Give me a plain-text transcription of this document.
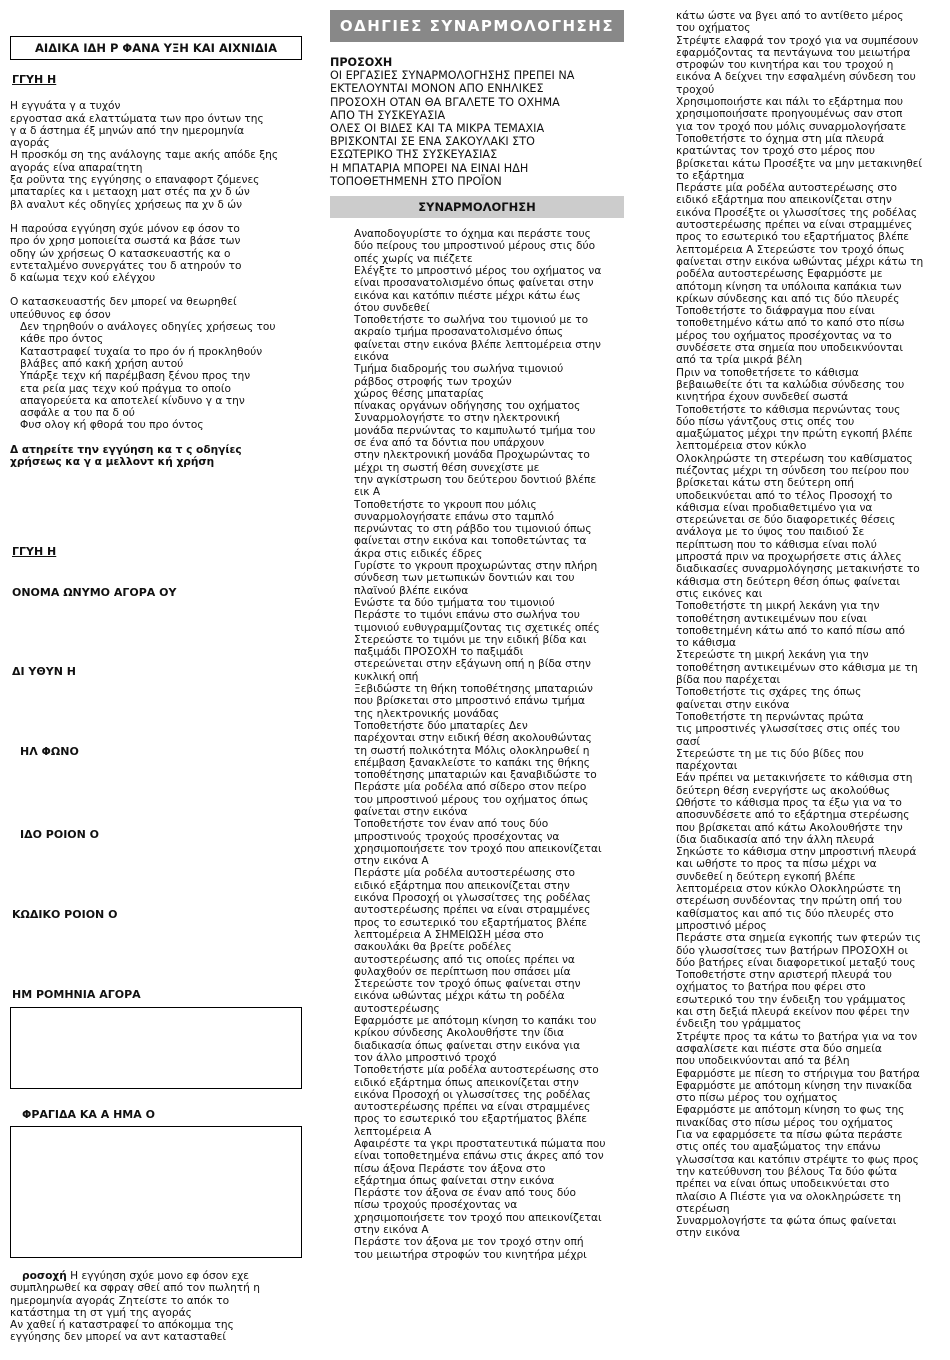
ΑΙΔΙΚΑ ΙΔΗ Ρ ΦΑΝΑ ΥΞΗ ΚΑΙ ΑΙΧΝΙΔΙΑ

ΓΓΥΗ Η

Η εγγυάτα γ α τυχόν

εργοστασ ακά ελαττώματα των προ όντων της

γ α δ άστημα έξ μηνών από την ημερομηνία

αγοράς

Η προσκόμ ση της ανάλογης ταμε ακής απόδε ξης

αγοράς είνα απαραίτητη

ξα ροϋντα της εγγύησης ο επαναφορτ ζόμενες

μπαταρίες κα ι μεταοχη ματ στές πα χν δ ών

βλ αναλυτ κές οδηγίες χρήσεως πα χν δ ών

Η παρούσα εγγύηση σχύε μόνον εφ όσον το

προ όν χρησ μοποιείτα σωστά κα βάσε των

οδηγ ών χρήσεως Ο κατασκευαστής κα ο

εντεταλμένο συνεργάτες του δ ατηρούν το

δ καίωμα τεχν κού ελέγχου

Ο κατασκευαστής δεν μπορεί να θεωρηθεί

υπεύθυνος εφ όσον

Δεν τηρηθούν ο ανάλογες οδηγίες χρήσεως του

κάθε προ όντος

Καταστραφεί τυχαία το προ όν ή προκληθούν

βλάβες από κακή χρήση αυτού

Υπάρξε τεχν κή παρέμβαση ξένου προς την

ετα ρεία μας τεχν κού πράγμα το οποίο

απαγορεύετα κα αποτελεί κίνδυνο γ α την

ασφάλε α του πα δ ού

Φυσ ολογ κή φθορά του προ όντος

Δ ατηρείτε την εγγύηση κα τ ς οδηγίες

χρήσεως κα γ α μελλοντ κή χρήση

ΓΓΥΗ Η

ΟΝΟΜΑ ΩΝΥΜΟ ΑΓΟΡΑ ΟΥ

ΔΙ ΥΘΥΝ Η

ΗΛ ΦΩΝΟ

ΙΔΟ ΡΟΙΟΝ Ο

ΚΩΔΙΚΟ ΡΟΙΟΝ Ο

ΗΜ ΡΟΜΗΝΙΑ ΑΓΟΡΑ

ΦΡΑΓΙΔΑ ΚΑ Α ΗΜΑ Ο

ροσοχή Η εγγύηση σχύε μονο εφ όσον εχε

συμπληρωθεί κα σφραγ σθεί από τον πωλητή η

ημερομηνία αγοράς Ζητείστε το απόκ το

κατάστημα τη στ γμή της αγοράς

Αν χαθεί ή καταστραφεί το απόκομμα της

εγγύησης δεν μπορεί να αντ κατασταθεί

ΟΔΗΓΙΕΣ ΣΥΝΑΡΜΟΛΟΓΗΣΗΣ

ΠΡΟΣΟΧΗ

ΟΙ ΕΡΓΑΣΙΕΣ ΣΥΝΑΡΜΟΛΟΓΗΣΗΣ ΠΡΕΠΕΙ ΝΑ

ΕΚΤΕΛΟΥΝΤΑΙ ΜΟΝΟΝ ΑΠΟ ΕΝΗΛΙΚΕΣ

ΠΡΟΣΟΧΗ ΟΤΑΝ ΘΑ ΒΓΑΛΕΤΕ ΤΟ ΟΧΗΜΑ

ΑΠΟ ΤΗ ΣΥΣΚΕΥΑΣΙΑ

ΟΛΕΣ ΟΙ ΒΙΔΕΣ ΚΑΙ ΤΑ ΜΙΚΡΑ ΤΕΜΑΧΙΑ

ΒΡΙΣΚΟΝΤΑΙ ΣΕ ΕΝΑ ΣΑΚΟΥΛΑΚΙ ΣΤΟ

ΕΣΩΤΕΡΙΚΟ ΤΗΣ ΣΥΣΚΕΥΑΣΙΑΣ

Η ΜΠΑΤΑΡΙΑ ΜΠΟΡΕΙ ΝΑ ΕΙΝΑΙ ΗΔΗ

ΤΟΠΟΘΕΤΗΜΕΝΗ ΣΤΟ ΠΡΟΪΟΝ

ΣΥΝΑΡΜΟΛΟΓΗΣΗ

Αναποδογυρίστε το όχημα και περάστε τους

δύο πείρους του μπροστινού μέρους στις δύο

οπές χωρίς να πιέζετε

Ελέγξτε το μπροστινό μέρος του οχήματος να

είναι προσανατολισμένο όπως φαίνεται στην

εικόνα και κατόπιν πιέστε μέχρι κάτω έως

ότου συνδεθεί

Τοποθετήστε το σωλήνα του τιμονιού με το

ακραίο τμήμα προσανατολισμένο όπως

φαίνεται στην εικόνα βλέπε λεπτομέρεια στην

εικόνα

Τμήμα διαδρομής του σωλήνα τιμονιού

ράβδος στροφής των τροχών

χώρος θέσης μπαταρίας

πίνακας οργάνων οδήγησης του οχήματος

Συναρμολογήστε το στην ηλεκτρονική

μονάδα περνώντας το καμπυλωτό τμήμα του

σε ένα από τα δόντια που υπάρχουν

στην ηλεκτρονική μονάδα Προχωρώντας το

μέχρι τη σωστή θέση συνεχίστε με

την αγκίστρωση του δεύτερου δοντιού βλέπε

εικ Α

Τοποθετήστε το γκρουπ που μόλις

συναρμολογήσατε επάνω στο ταμπλό

περνώντας το στη ράβδο του τιμονιού όπως

φαίνεται στην εικόνα και τοποθετώντας τα

άκρα στις ειδικές έδρες

Γυρίστε το γκρουπ προχωρώντας στην πλήρη

σύνδεση των μετωπικών δοντιών και του

πλαϊνού βλέπε εικόνα

Ενώστε τα δύο τμήματα του τιμονιού

Περάστε το τιμόνι επάνω στο σωλήνα του

τιμονιού ευθυγραμμίζοντας τις σχετικές οπές

Στερεώστε το τιμόνι με την ειδική βίδα και

παξιμάδι ΠΡΟΣΟΧΗ το παξιμάδι

στερεώνεται στην εξάγωνη οπή η βίδα στην

κυκλική οπή

Ξεβιδώστε τη θήκη τοποθέτησης μπαταριών

που βρίσκεται στο μπροστινό επάνω τμήμα

της ηλεκτρονικής μονάδας

Τοποθετήστε δύο μπαταρίες Δεν

παρέχονται στην ειδική θέση ακολουθώντας

τη σωστή πολικότητα Μόλις ολοκληρωθεί η

επέμβαση ξανακλείστε το καπάκι της θήκης

τοποθέτησης μπαταριών και ξαναβιδώστε το

Περάστε μία ροδέλα από σίδερο στον πείρο

του μπροστινού μέρους του οχήματος όπως

φαίνεται στην εικόνα

Τοποθετήστε τον έναν από τους δύο

μπροστινούς τροχούς προσέχοντας να

χρησιμοποιήσετε τον τροχό που απεικονίζεται

στην εικόνα Α

Περάστε μία ροδέλα αυτοστερέωσης στο

ειδικό εξάρτημα που απεικονίζεται στην

εικόνα Προσοχή οι γλωσσίτσες της ροδέλας

αυτοστερέωσης πρέπει να είναι στραμμένες

προς το εσωτερικό του εξαρτήματος βλέπε

λεπτομέρεια Α ΣΗΜΕΙΩΣΗ μέσα στο

σακουλάκι θα βρείτε ροδέλες

αυτοστερέωσης από τις οποίες πρέπει να

φυλαχθούν σε περίπτωση που σπάσει μία

Στερεώστε τον τροχό όπως φαίνεται στην

εικόνα ωθώντας μέχρι κάτω τη ροδέλα

αυτοστερέωσης

Εφαρμόστε με απότομη κίνηση το καπάκι του

κρίκου σύνδεσης Ακολουθήστε την ίδια

διαδικασία όπως φαίνεται στην εικόνα για

τον άλλο μπροστινό τροχό

Τοποθετήστε μία ροδέλα αυτοστερέωσης στο

ειδικό εξάρτημα όπως απεικονίζεται στην

εικόνα Προσοχή οι γλωσσίτσες της ροδέλας

αυτοστερέωσης πρέπει να είναι στραμμένες

προς το εσωτερικό του εξαρτήματος βλέπε

λεπτομέρεια Α

Αφαιρέστε τα γκρι προστατευτικά πώματα που

είναι τοποθετημένα επάνω στις άκρες από τον

πίσω άξονα Περάστε τον άξονα στο

εξάρτημα όπως φαίνεται στην εικόνα

Περάστε τον άξονα σε έναν από τους δύο

πίσω τροχούς προσέχοντας να

χρησιμοποιήσετε τον τροχό που απεικονίζεται

στην εικόνα Α

Περάστε τον άξονα με τον τροχό στην οπή

του μειωτήρα στροφών του κινητήρα μέχρι

κάτω ώστε να βγει από το αντίθετο μέρος

του οχήματος

Στρέψτε ελαφρά τον τροχό για να συμπέσουν

εφαρμόζοντας τα πεντάγωνα του μειωτήρα

στροφών του κινητήρα και του τροχού η

εικόνα Α δείχνει την εσφαλμένη σύνδεση του

τροχού

Χρησιμοποιήστε και πάλι το εξάρτημα που

χρησιμοποιήσατε προηγουμένως σαν στοπ

για τον τροχό που μόλις συναρμολογήσατε

Τοποθετήστε το όχημα στη μία πλευρά

κρατώντας τον τροχό στο μέρος που

βρίσκεται κάτω Προσέξτε να μην μετακινηθεί

το εξάρτημα

Περάστε μία ροδέλα αυτοστερέωσης στο

ειδικό εξάρτημα που απεικονίζεται στην

εικόνα Προσέξτε οι γλωσσίτσες της ροδέλας

αυτοστερέωσης πρέπει να είναι στραμμένες

προς το εσωτερικό του εξαρτήματος βλέπε

λεπτομέρεια Α Στερεώστε τον τροχό όπως

φαίνεται στην εικόνα ωθώντας μέχρι κάτω τη

ροδέλα αυτοστερέωσης Εφαρμόστε με

απότομη κίνηση τα υπόλοιπα καπάκια των

κρίκων σύνδεσης και από τις δύο πλευρές

Τοποθετήστε το διάφραγμα που είναι

τοποθετημένο κάτω από το καπό στο πίσω

μέρος του οχήματος προσέχοντας να το

συνδέσετε στα σημεία που υποδεικνύονται

από τα τρία μικρά βέλη

Πριν να τοποθετήσετε το κάθισμα

βεβαιωθείτε ότι τα καλώδια σύνδεσης του

κινητήρα έχουν συνδεθεί σωστά

Τοποθετήστε το κάθισμα περνώντας τους

δύο πίσω γάντζους στις οπές του

αμαξώματος μέχρι την πρώτη εγκοπή βλέπε

λεπτομέρεια στον κύκλο

Ολοκληρώστε τη στερέωση του καθίσματος

πιέζοντας μέχρι τη σύνδεση του πείρου που

βρίσκεται κάτω στη δεύτερη οπή

υποδεικνύεται από το τέλος Προσοχή το

κάθισμα είναι προδιαθετιμένο για να

στερεώνεται σε δύο διαφορετικές θέσεις

ανάλογα με το ύψος του παιδιού Σε

περίπτωση που το κάθισμα είναι πολύ

μπροστά πριν να προχωρήσετε στις άλλες

διαδικασίες συναρμολόγησης μετακινήστε το

κάθισμα στη δεύτερη θέση όπως φαίνεται

στις εικόνες και

Τοποθετήστε τη μικρή λεκάνη για την

τοποθέτηση αντικειμένων που είναι

τοποθετημένη κάτω από το καπό πίσω από

το κάθισμα

Στερεώστε τη μικρή λεκάνη για την

τοποθέτηση αντικειμένων στο κάθισμα με τη

βίδα που παρέχεται

Τοποθετήστε τις σχάρες της όπως

φαίνεται στην εικόνα

Τοποθετήστε τη περνώντας πρώτα

τις μπροστινές γλωσσίτσες στις οπές του

σασί

Στερεώστε τη με τις δύο βίδες που

παρέχονται

Εάν πρέπει να μετακινήσετε το κάθισμα στη

δεύτερη θέση ενεργήστε ως ακολούθως

Ωθήστε το κάθισμα προς τα έξω για να το

αποσυνδέσετε από το εξάρτημα στερέωσης

που βρίσκεται από κάτω Ακολουθήστε την

ίδια διαδικασία από την άλλη πλευρά

Σηκώστε το κάθισμα στην μπροστινή πλευρά

και ωθήστε το προς τα πίσω μέχρι να

συνδεθεί η δεύτερη εγκοπή βλέπε

λεπτομέρεια στον κύκλο Ολοκληρώστε τη

στερέωση συνδέοντας την πρώτη οπή του

καθίσματος και από τις δύο πλευρές στο

μπροστινό μέρος

Περάστε στα σημεία εγκοπής των φτερών τις

δύο γλωσσίτσες των βατήρων ΠΡΟΣΟΧΗ οι

δύο βατήρες είναι διαφορετικοί μεταξύ τους

Τοποθετήστε στην αριστερή πλευρά του

οχήματος το βατήρα που φέρει στο

εσωτερικό του την ένδειξη του γράμματος

και στη δεξιά πλευρά εκείνον που φέρει την

ένδειξη του γράμματος

Στρέψτε προς τα κάτω το βατήρα για να τον

ασφαλίσετε και πιέστε στα δύο σημεία

που υποδεικνύονται από τα βέλη

Εφαρμόστε με πίεση το στήριγμα του βατήρα

Εφαρμόστε με απότομη κίνηση την πινακίδα

στο πίσω μέρος του οχήματος

Εφαρμόστε με απότομη κίνηση το φως της

πινακίδας στο πίσω μέρος του οχήματος

Για να εφαρμόσετε τα πίσω φώτα περάστε

στις οπές του αμαξώματος την επάνω

γλωσσίτσα και κατόπιν στρέψτε το φως προς

την κατεύθυνση του βέλους Τα δύο φώτα

πρέπει να είναι όπως υποδεικνύεται στο

πλαίσιο Α Πιέστε για να ολοκληρώσετε τη

στερέωση

Συναρμολογήστε τα φώτα όπως φαίνεται

στην εικόνα
